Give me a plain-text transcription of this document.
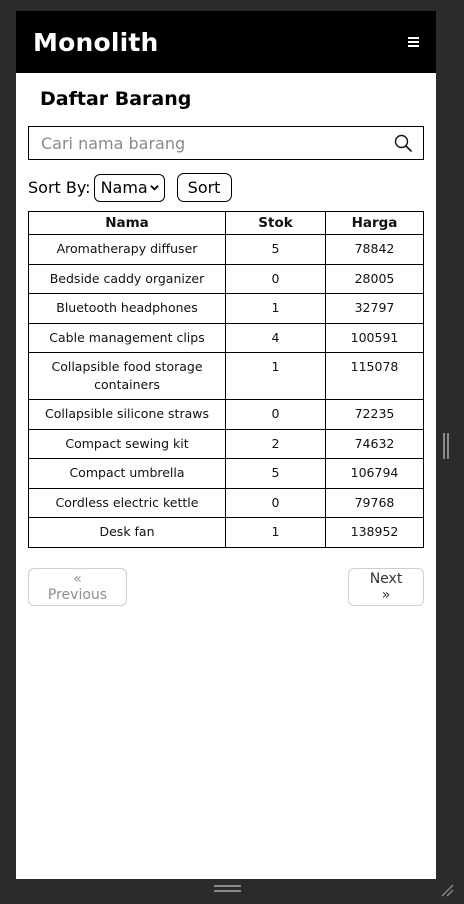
Monolith
Daftar Barang
Cari nama barang
Sort By: Nama	Sort
Nama	Stok	Harga
Aromatherapy diffuser	5	78842
Bedside caddy organizer	0	28005
Bluetooth headphones	1	32797
Cable management clips	4	100591
Collapsible food storage containers	1	115078
Collapsible silicone straws	0	72235
Compact sewing kit	2	74632
Compact umbrella	5	106794
Cordless electric kettle	0	79768
Desk fan	1	138952
« Previous
Next »
